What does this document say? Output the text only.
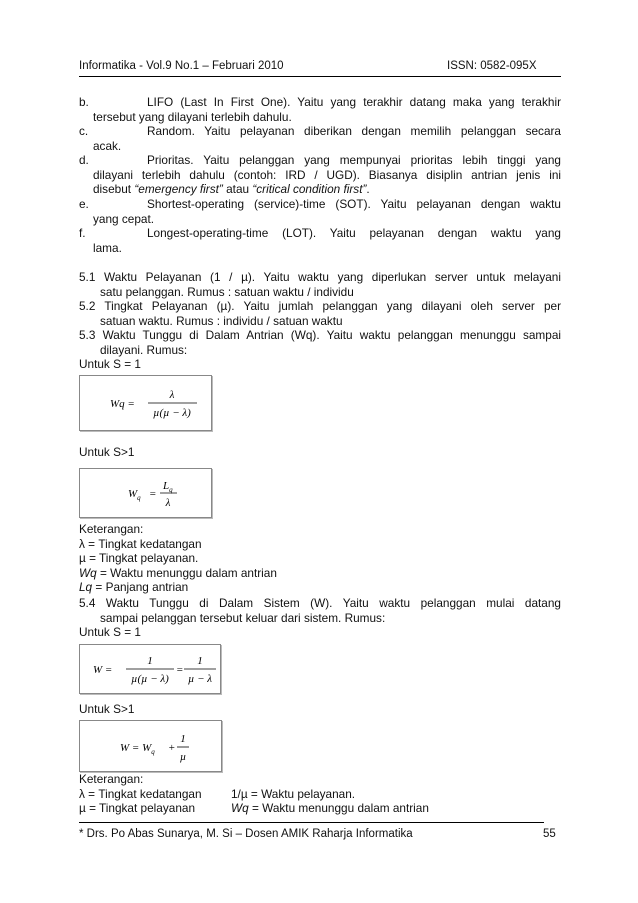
Informatika - Vol.9 No.1 – Februari 2010	ISSN: 0582-095X
LIFO (Last In First One). Yaitu yang terakhir datang maka yang terakhir
b.
tersebut yang dilayani terlebih dahulu.
Random. Yaitu pelayanan diberikan dengan memilih pelanggan secara
c.
acak.
Prioritas. Yaitu pelanggan yang mempunyai prioritas lebih tinggi yang
d.
dilayani terlebih dahulu (contoh: IRD / UGD). Biasanya disiplin antrian jenis ini
disebut “emergency first” atau “critical condition first”.
Shortest-operating (service)-time (SOT). Yaitu pelayanan dengan waktu
e.
yang cepat.
Longest-operating-time (LOT). Yaitu pelayanan dengan waktu yang
f.
lama.
5.1 Waktu Pelayanan (1 / µ). Yaitu waktu yang diperlukan server untuk melayani
satu pelanggan. Rumus : satuan waktu / individu
5.2 Tingkat Pelayanan (µ). Yaitu jumlah pelanggan yang dilayani oleh server per
satuan waktu. Rumus : individu / satuan waktu
5.3 Waktu Tunggu di Dalam Antrian (Wq). Yaitu waktu pelanggan menunggu sampai
dilayani. Rumus:
Untuk S = 1
Wq =
λ
µ(µ − λ)
Untuk S>1
$W_q$ =
$L_q$
λ
Keterangan:
λ = Tingkat kedatangan
µ = Tingkat pelayanan.
Wq = Waktu menunggu dalam antrian
Lq = Panjang antrian
5.4 Waktu Tunggu di Dalam Sistem (W). Yaitu waktu pelanggan mulai datang
sampai pelanggan tersebut keluar dari sistem. Rumus:
Untuk S = 1
W =
1
µ(µ − λ)
=
1
µ − λ
Untuk S>1
$W = W_q$ +
1
µ
Keterangan:
λ = Tingkat kedatangan 1/µ = Waktu pelayanan.
µ = Tingkat pelayanan	Wq = Waktu menunggu dalam antrian
* Drs. Po Abas Sunarya, M. Si – Dosen AMIK Raharja Informatika	55
